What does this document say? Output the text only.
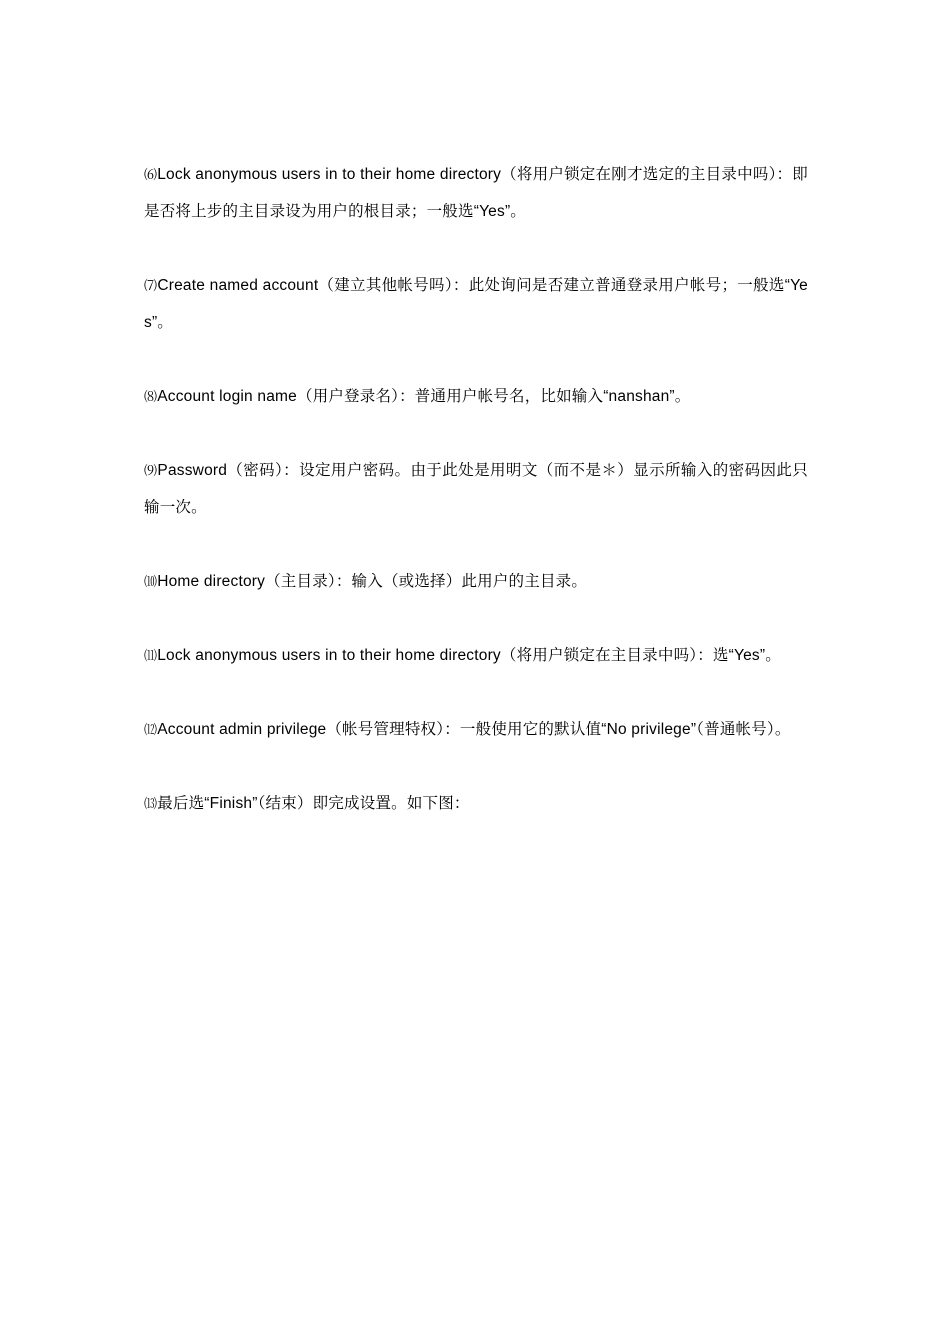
⑹Lock anonymous users in to their home directory（将用户锁定在刚才选定的主目录中吗）：即是否将上步的主目录设为用户的根目录；一般选“Yes”。

⑺Create named account（建立其他帐号吗）：此处询问是否建立普通登录用户帐号；一般选“Yes”。

⑻Account login name（用户登录名）：普通用户帐号名，比如输入“nanshan”。

⑼Password（密码）：设定用户密码。由于此处是用明文（而不是＊）显示所输入的密码因此只输一次。

⑽Home directory（主目录）：输入（或选择）此用户的主目录。

⑾Lock anonymous users in to their home directory（将用户锁定在主目录中吗）：选“Yes”。

⑿Account admin privilege（帐号管理特权）：一般使用它的默认值“No privilege”（普通帐号）。

⒀最后选“Finish”（结束）即完成设置。如下图：
